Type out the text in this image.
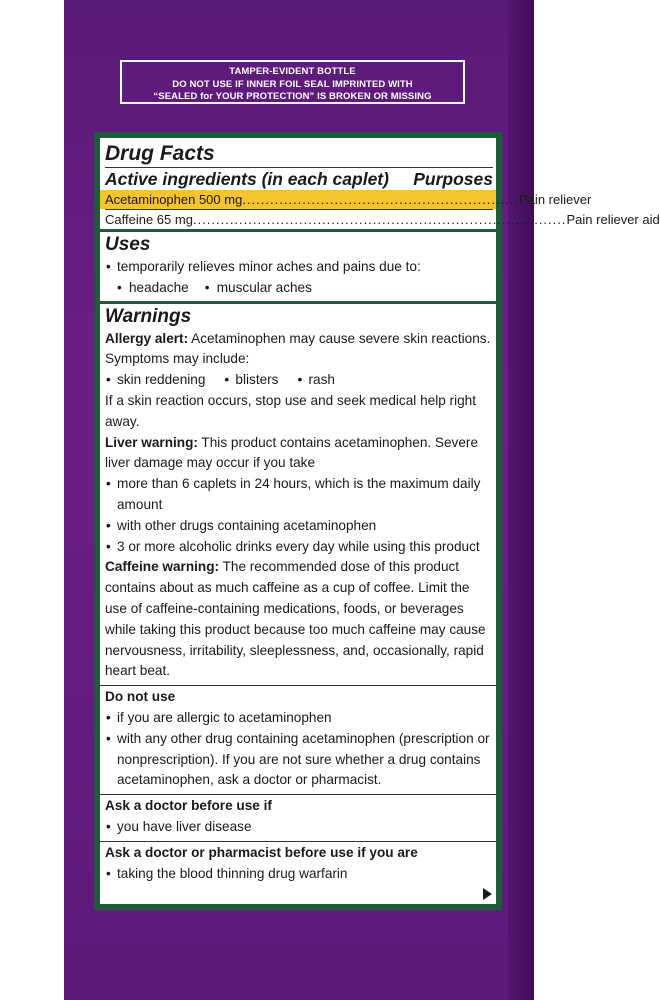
TAMPER-EVIDENT BOTTLE
DO NOT USE IF INNER FOIL SEAL IMPRINTED WITH
“SEALED for YOUR PROTECTION” IS BROKEN OR MISSING
Drug Facts
Active ingredients (in each caplet) Purposes
Acetaminophen 500 mg ............................................................ Pain reliever
Caffeine 65 mg ................................................................................. Pain reliever aid
Uses
• temporarily relieves minor aches and pains due to:
• headache	• muscular aches
Warnings
Allergy alert: Acetaminophen may cause severe skin reactions. Symptoms may include:
• skin reddening	• blisters	• rash
If a skin reaction occurs, stop use and seek medical help right away.
Liver warning: This product contains acetaminophen. Severe liver damage may occur if you take
• more than 6 caplets in 24 hours, which is the maximum daily amount
• with other drugs containing acetaminophen
• 3 or more alcoholic drinks every day while using this product
Caffeine warning: The recommended dose of this product contains about as much caffeine as a cup of coffee. Limit the use of caffeine-containing medications, foods, or beverages while taking this product because too much caffeine may cause nervousness, irritability, sleeplessness, and, occasionally, rapid heart beat.
Do not use
• if you are allergic to acetaminophen
• with any other drug containing acetaminophen (prescription or nonprescription). If you are not sure whether a drug contains acetaminophen, ask a doctor or pharmacist.
Ask a doctor before use if
• you have liver disease
Ask a doctor or pharmacist before use if you are
• taking the blood thinning drug warfarin
